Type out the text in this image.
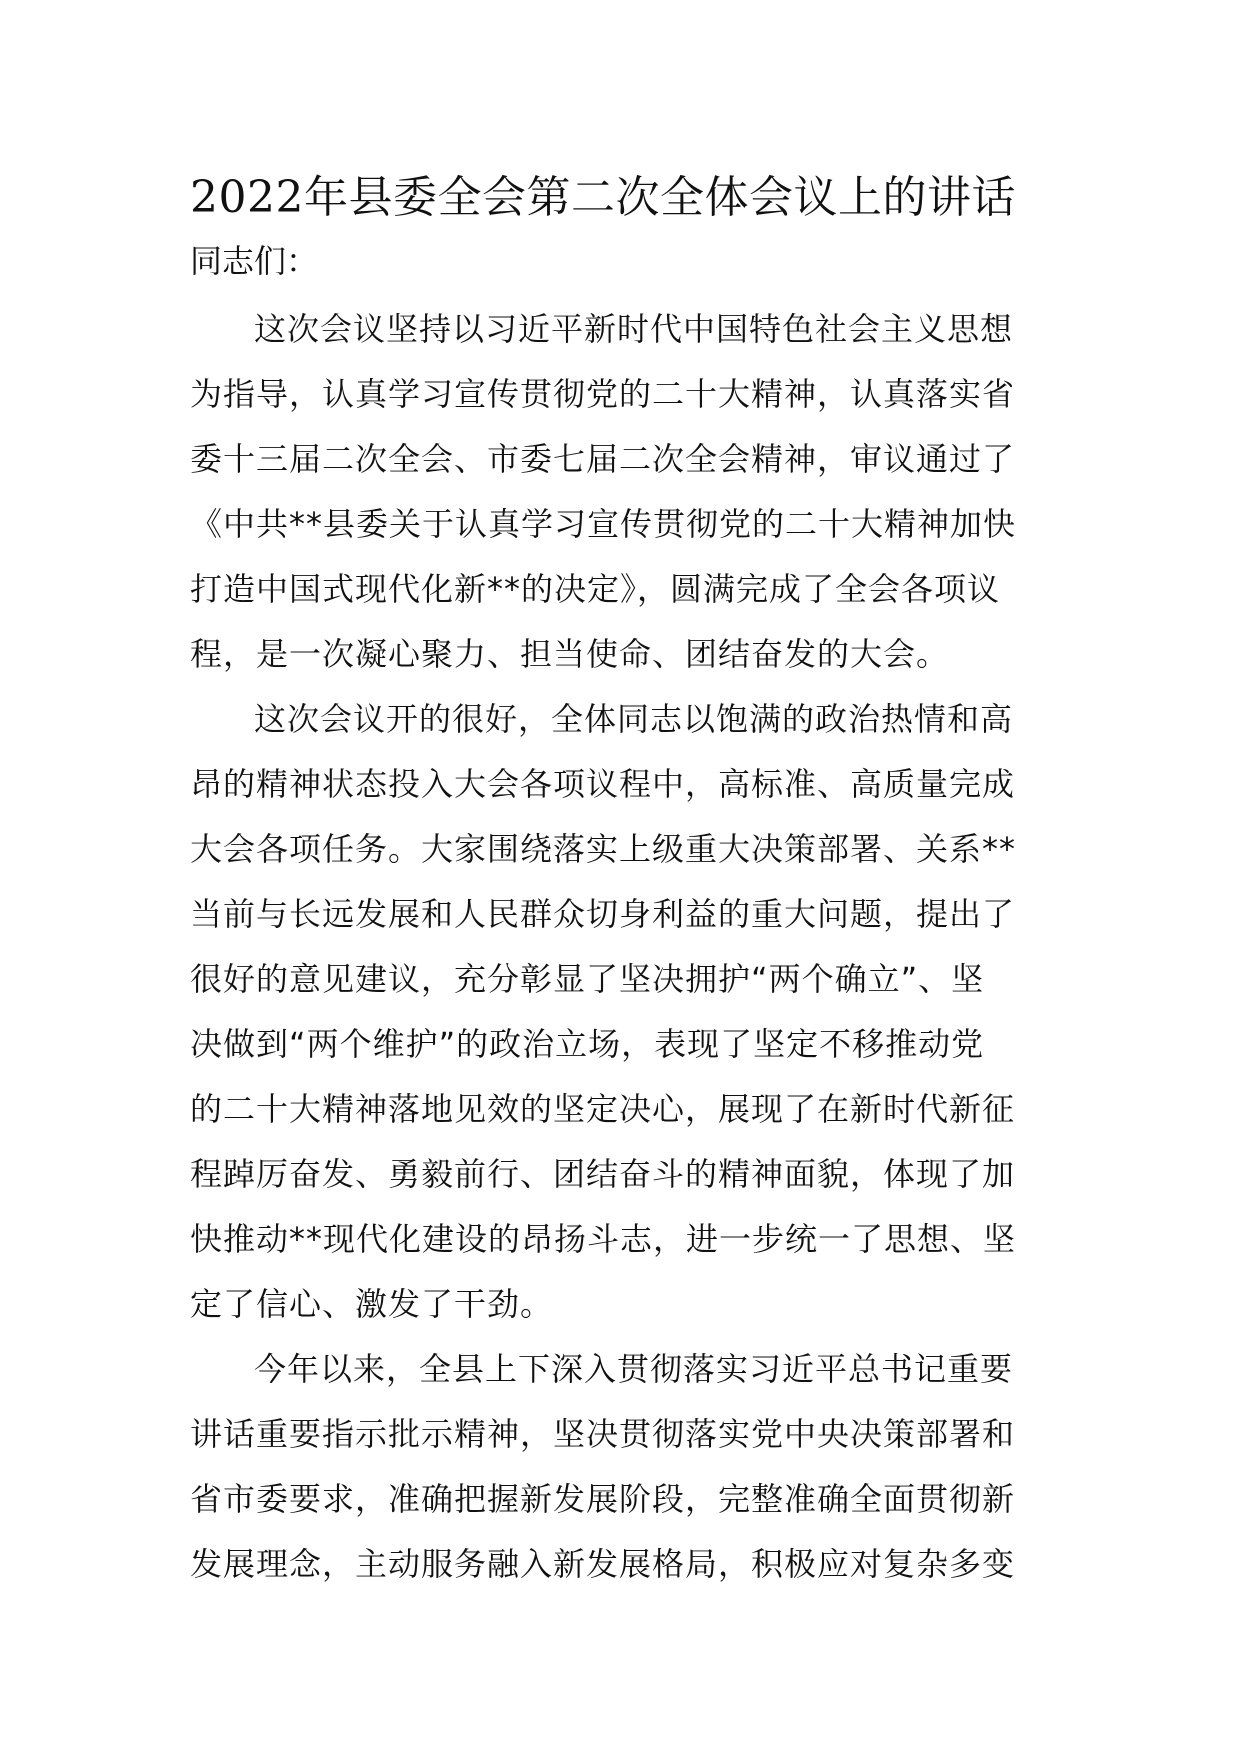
2022年县委全会第二次全体会议上的讲话

同志们：

这次会议坚持以习近平新时代中国特色社会主义思想

为指导，认真学习宣传贯彻党的二十大精神，认真落实省

委十三届二次全会、市委七届二次全会精神，审议通过了

《中共**县委关于认真学习宣传贯彻党的二十大精神加快

打造中国式现代化新**的决定》，圆满完成了全会各项议

程，是一次凝心聚力、担当使命、团结奋发的大会。

这次会议开的很好，全体同志以饱满的政治热情和高

昂的精神状态投入大会各项议程中，高标准、高质量完成

大会各项任务。大家围绕落实上级重大决策部署、关系**

当前与长远发展和人民群众切身利益的重大问题，提出了

很好的意见建议，充分彰显了坚决拥护“两个确立”、坚

决做到“两个维护”的政治立场，表现了坚定不移推动党

的二十大精神落地见效的坚定决心，展现了在新时代新征

程踔厉奋发、勇毅前行、团结奋斗的精神面貌，体现了加

快推动**现代化建设的昂扬斗志，进一步统一了思想、坚

定了信心、激发了干劲。

今年以来，全县上下深入贯彻落实习近平总书记重要

讲话重要指示批示精神，坚决贯彻落实党中央决策部署和

省市委要求，准确把握新发展阶段，完整准确全面贯彻新

发展理念，主动服务融入新发展格局，积极应对复杂多变
